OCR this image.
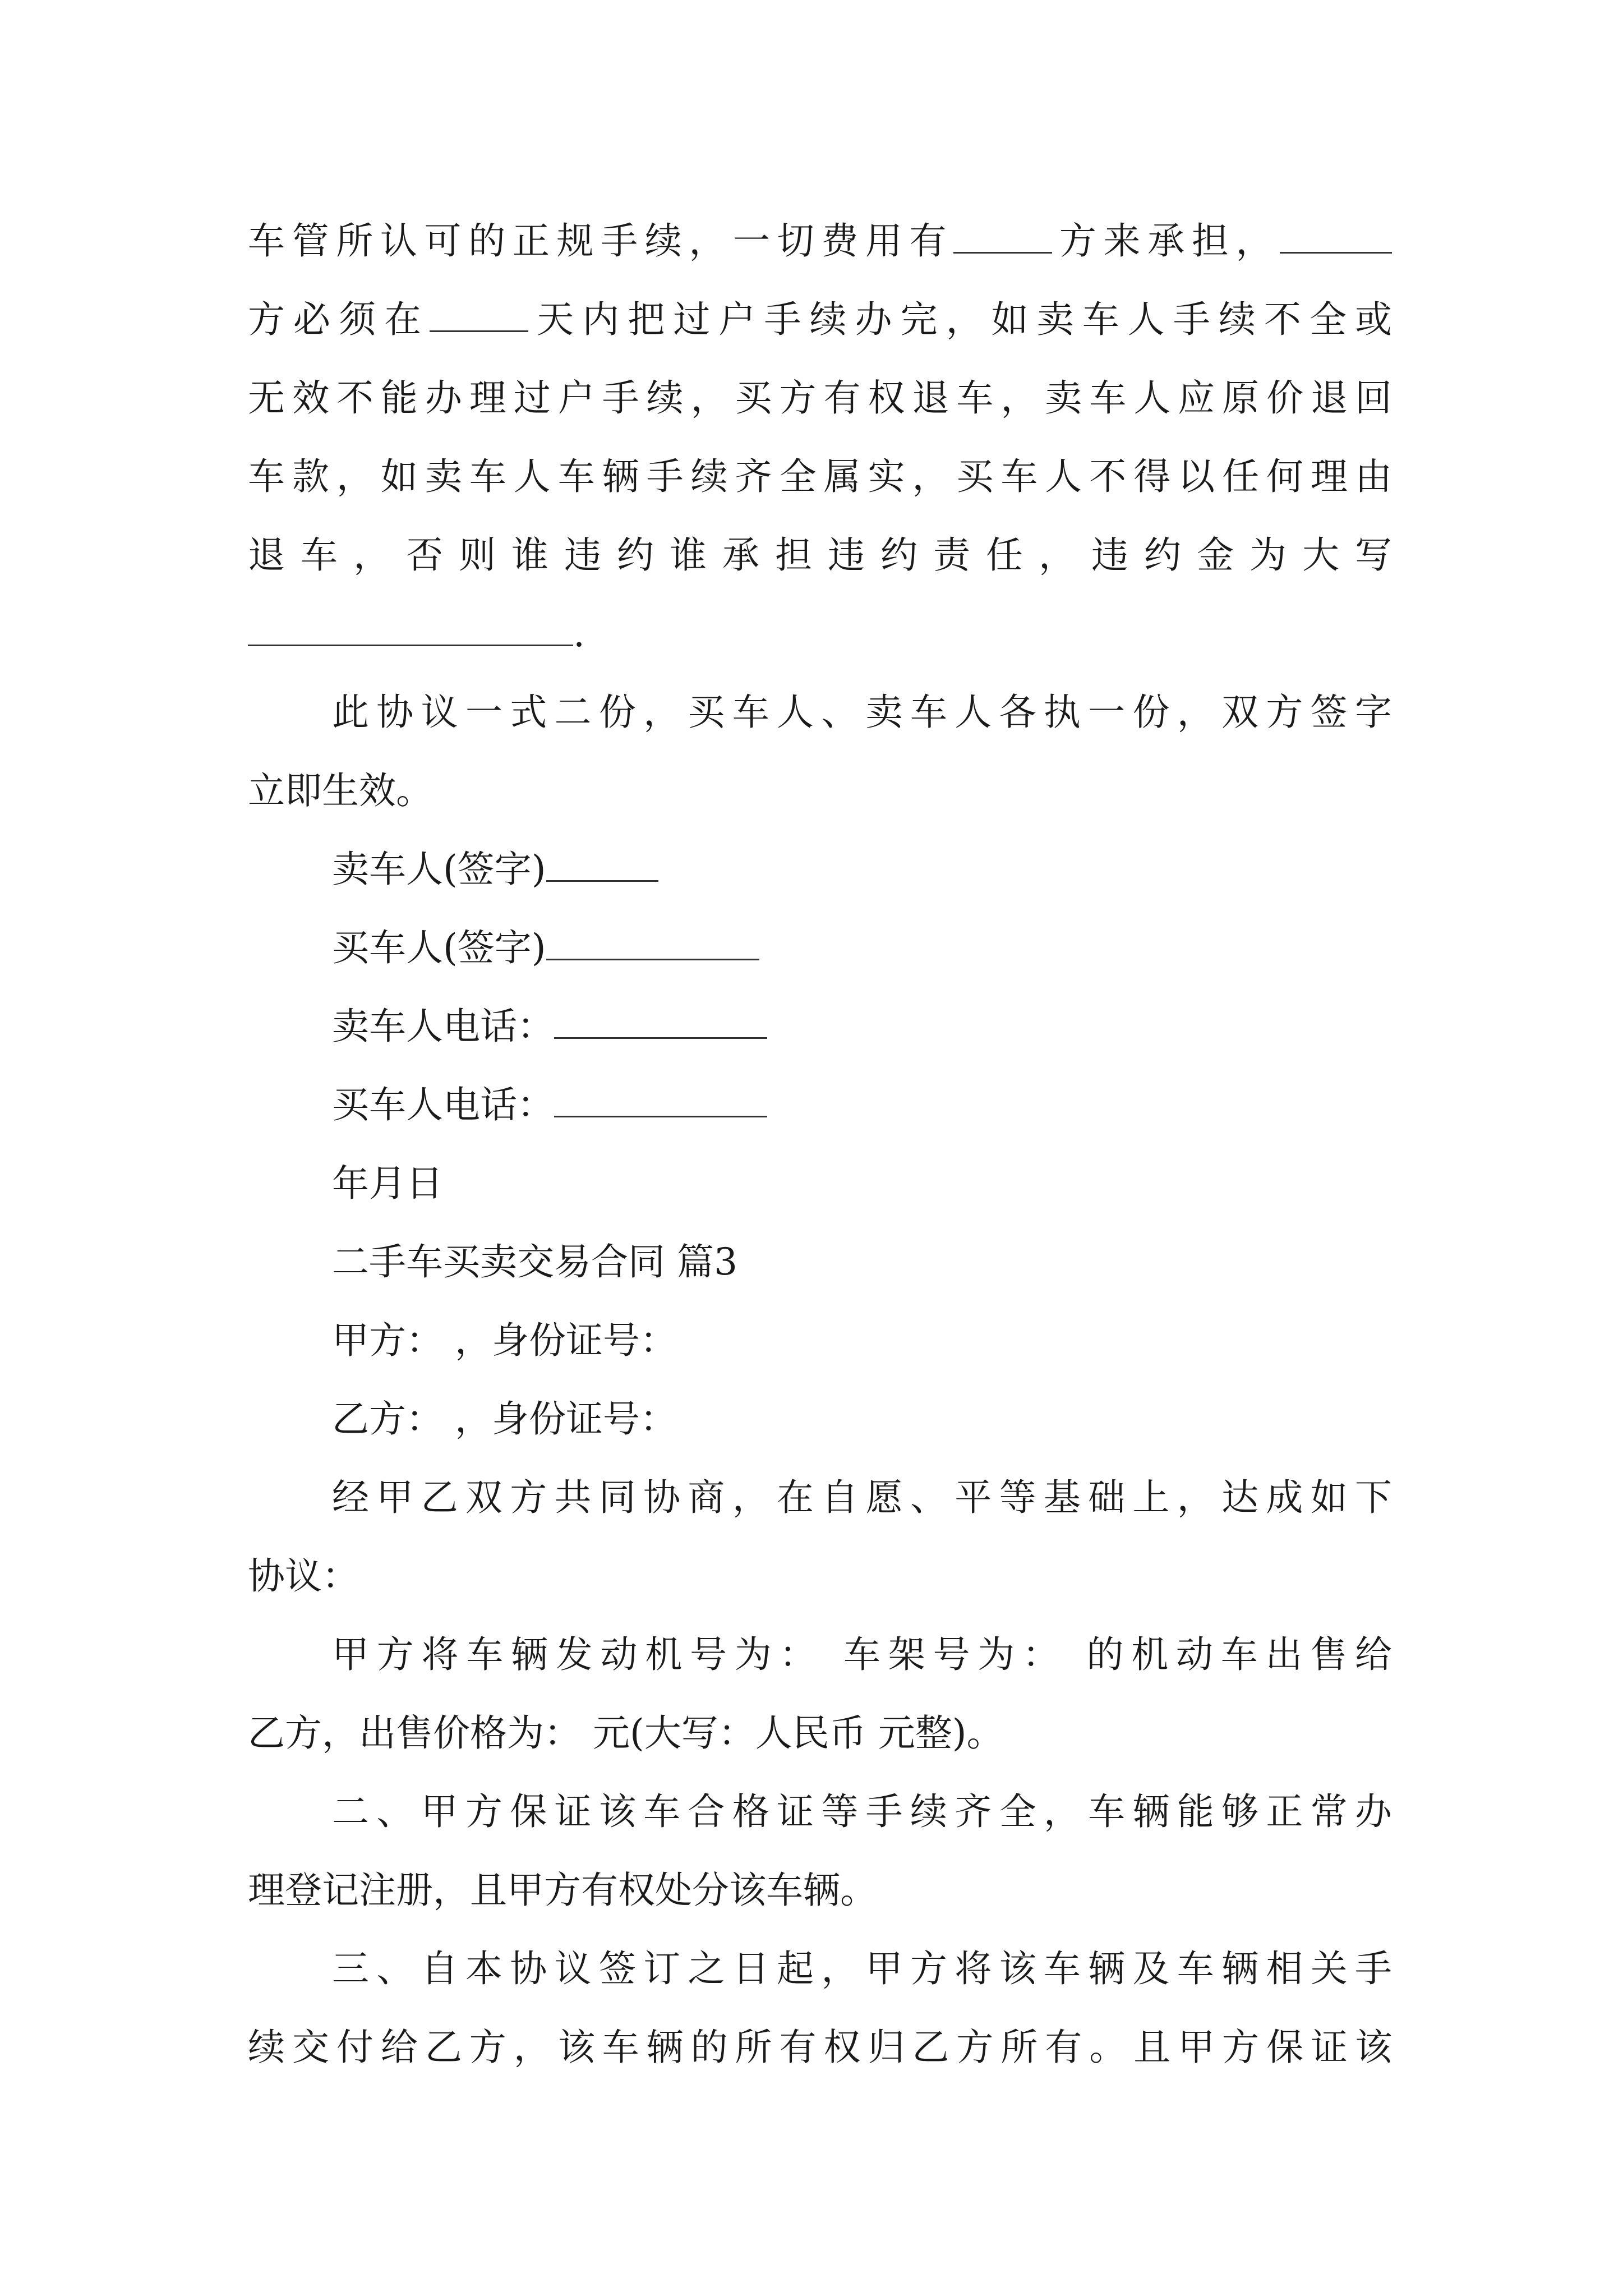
车管所认可的正规手续，一切费用有	方来承担，

方必须在	天内把过户手续办完，如卖车人手续不全或

无效不能办理过户手续，买方有权退车，卖车人应原价退回

车款，如卖车人车辆手续齐全属实，买车人不得以任何理由

退车，否则谁违约谁承担违约责任，违约金为大写

.

此协议一式二份，买车人、卖车人各执一份，双方签字

立即生效。

卖车人(签字)

买车人(签字)

卖车人电话：

买车人电话：

年月日

二手车买卖交易合同 篇3

甲方： ，身份证号：

乙方： ，身份证号：

经甲乙双方共同协商，在自愿、平等基础上，达成如下

协议：

甲方将车辆发动机号为： 车架号为： 的机动车出售给

乙方，出售价格为： 元(大写：人民币 元整)。

二、甲方保证该车合格证等手续齐全，车辆能够正常办

理登记注册，且甲方有权处分该车辆。

三、自本协议签订之日起，甲方将该车辆及车辆相关手

续交付给乙方，该车辆的所有权归乙方所有。且甲方保证该
